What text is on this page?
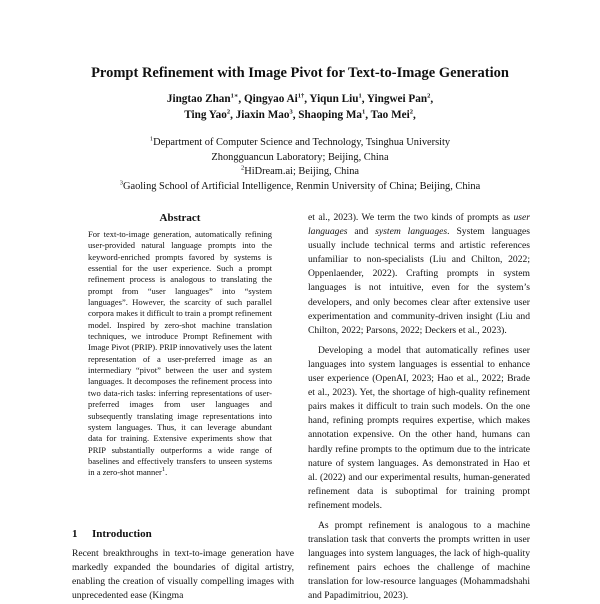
Prompt Refinement with Image Pivot for Text-to-Image Generation
Jingtao Zhan$^{1∗}$, Qingyao $Ai^{1\dagger}$, Yiqun Liu$^1$, Yingwei Pan$^2$,
Ting Yao$^2$, Jiaxin Mao$^3$, Shaoping Ma$^1$, Tao Mei$^2$,
$^1$Department of Computer Science and Technology, Tsinghua University
Zhongguancun Laboratory; Beijing, China
$^2$HiDream.ai; Beijing, China
$^3$Gaoling School of Artificial Intelligence, Renmin University of China; Beijing, China
Abstract
For text-to-image generation, automatically refining user-provided natural language prompts into the keyword-enriched prompts favored by systems is essential for the user experience. Such a prompt refinement process is analogous to translating the prompt from “user languages” into “system languages”. However, the scarcity of such parallel corpora makes it difficult to train a prompt refinement model. Inspired by zero-shot machine translation techniques, we introduce Prompt Refinement with Image Pivot (PRIP). PRIP innovatively uses the latent representation of a user-preferred image as an intermediary “pivot” between the user and system languages. It decomposes the refinement process into two data-rich tasks: inferring representations of user-preferred images from user languages and subsequently translating image representations into system languages. Thus, it can leverage abundant data for training. Extensive experiments show that PRIP substantially outperforms a wide range of baselines and effectively transfers to unseen systems in a zero-shot manner$^1$.
1 Introduction
Recent breakthroughs in text-to-image generation have markedly expanded the boundaries of digital artistry, enabling the creation of visually compelling images with unprecedented ease (Kingma

et al., 2023). We term the two kinds of prompts as user languages and system languages. System languages usually include technical terms and artistic references unfamiliar to non-specialists (Liu and Chilton, 2022; Oppenlaender, 2022). Crafting prompts in system languages is not intuitive, even for the system’s developers, and only becomes clear after extensive user experimentation and community-driven insight (Liu and Chilton, 2022; Parsons, 2022; Deckers et al., 2023).

Developing a model that automatically refines user languages into system languages is essential to enhance user experience (OpenAI, 2023; Hao et al., 2022; Brade et al., 2023). Yet, the shortage of high-quality refinement pairs makes it difficult to train such models. On the one hand, refining prompts requires expertise, which makes annotation expensive. On the other hand, humans can hardly refine prompts to the optimum due to the intricate nature of system languages. As demonstrated in Hao et al. (2022) and our experimental results, human-generated refinement data is suboptimal for training prompt refinement models.

As prompt refinement is analogous to a machine translation task that converts the prompts written in user languages into system languages, the lack of high-quality refinement pairs echoes the challenge of machine translation for low-resource languages (Mohammadshahi and Papadimitriou, 2023).
